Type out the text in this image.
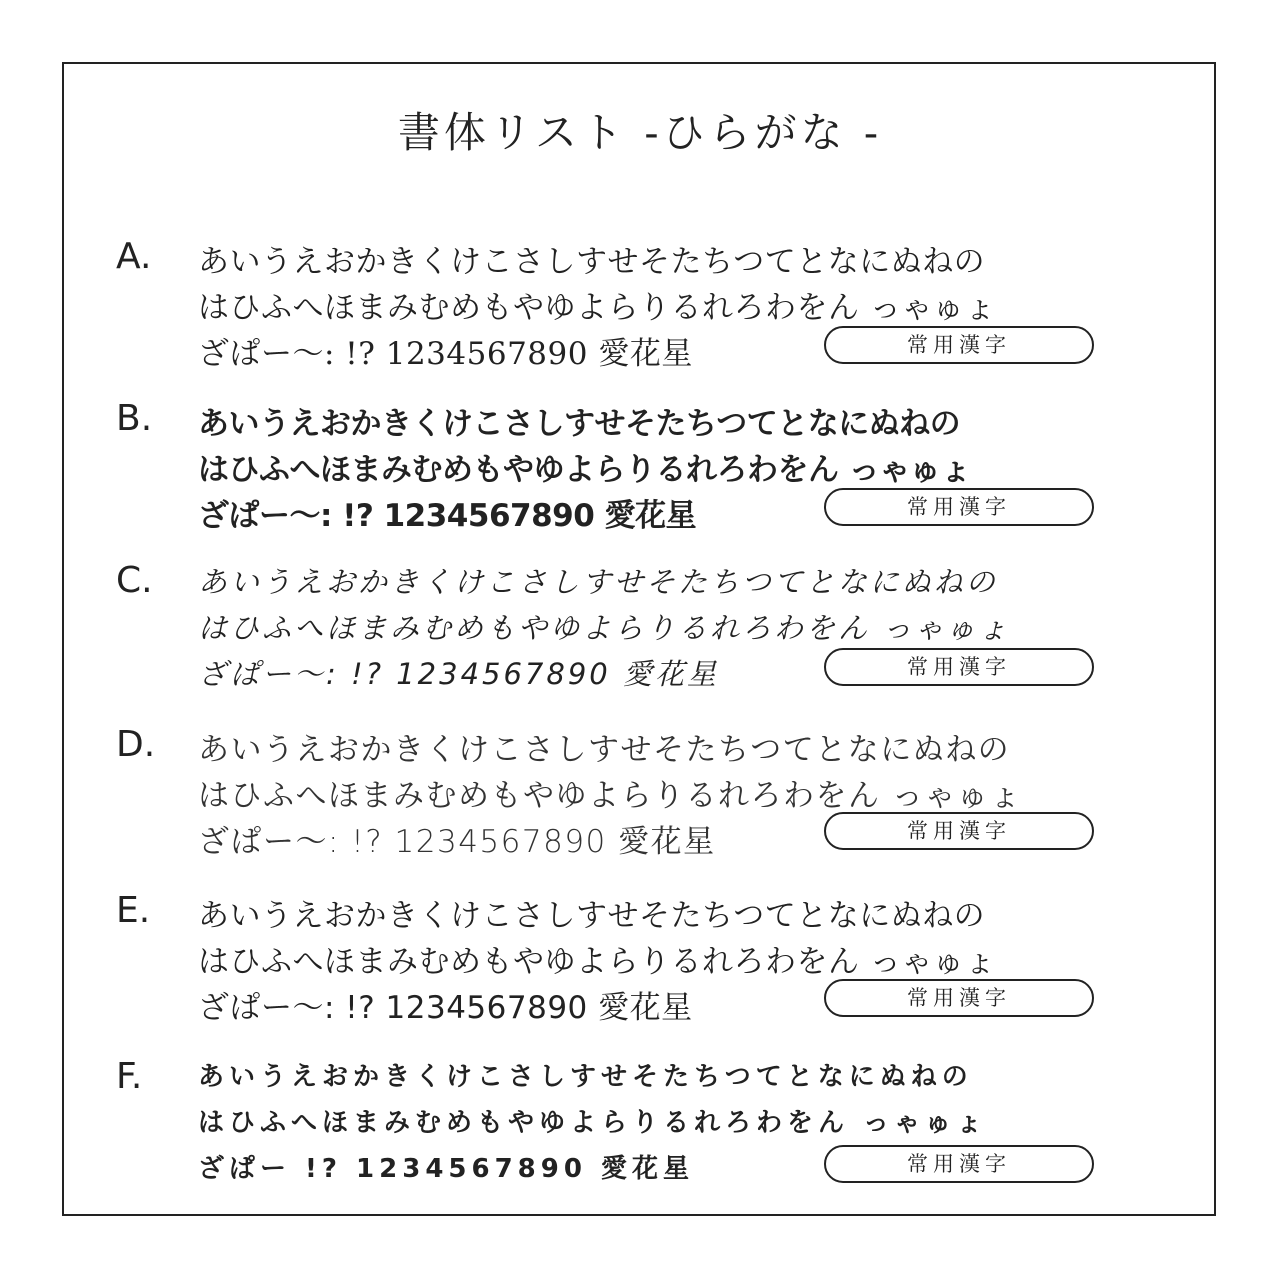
書体リスト -ひらがな -
A. あいうえおかきくけこさしすせそたちつてとなにぬねの
はひふへほまみむめもやゆよらりるれろわをん っゃゅょ
ざぱー～: !? 1234567890 愛花星	常用漢字
B. あいうえおかきくけこさしすせそたちつてとなにぬねの
はひふへほまみむめもやゆよらりるれろわをん っゃゅょ
ざぱー～: !? 1234567890 愛花星	常用漢字
C. あいうえおかきくけこさしすせそたちつてとなにぬねの
はひふへほまみむめもやゆよらりるれろわをん っゃゅょ
ざぱー～: !? 1234567890 愛花星	常用漢字
D. あいうえおかきくけこさしすせそたちつてとなにぬねの
はひふへほまみむめもやゆよらりるれろわをん っゃゅょ
ざぱー～: !? 1234567890 愛花星	常用漢字
E. あいうえおかきくけこさしすせそたちつてとなにぬねの
はひふへほまみむめもやゆよらりるれろわをん っゃゅょ
ざぱー～: !? 1234567890 愛花星	常用漢字
F. あいうえおかきくけこさしすせそたちつてとなにぬねの
はひふへほまみむめもやゆよらりるれろわをん っゃゅょ
ざぱー !? 1234567890 愛花星	常用漢字
